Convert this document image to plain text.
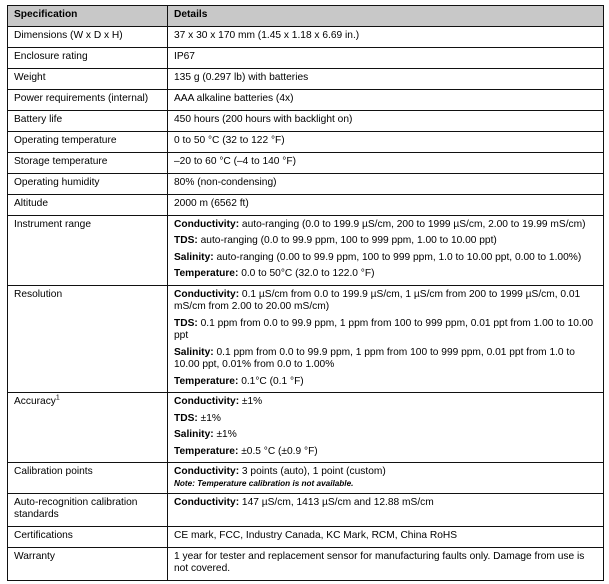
Specification	Details
Dimensions (W x D x H)	37 x 30 x 170 mm (1.45 x 1.18 x 6.69 in.)
Enclosure rating	IP67
Weight	135 g (0.297 lb) with batteries
Power requirements (internal)	AAA alkaline batteries (4x)
Battery life	450 hours (200 hours with backlight on)
Operating temperature	0 to 50 °C (32 to 122 °F)
Storage temperature	–20 to 60 °C (–4 to 140 °F)
Operating humidity	80% (non-condensing)
Altitude	2000 m (6562 ft)
Instrument range	Conductivity: auto-ranging (0.0 to 199.9 µS/cm, 200 to 1999 µS/cm, 2.00 to 19.99 mS/cm)

TDS: auto-ranging (0.0 to 99.9 ppm, 100 to 999 ppm, 1.00 to 10.00 ppt)

Salinity: auto-ranging (0.00 to 99.9 ppm, 100 to 999 ppm, 1.0 to 10.00 ppt, 0.00 to 1.00%)

Temperature: 0.0 to 50°C (32.0 to 122.0 °F)

Resolution	Conductivity: 0.1 µS/cm from 0.0 to 199.9 µS/cm, 1 µS/cm from 200 to 1999 µS/cm, 0.01 mS/cm from 2.00 to 20.00 mS/cm)

TDS: 0.1 ppm from 0.0 to 99.9 ppm, 1 ppm from 100 to 999 ppm, 0.01 ppt from 1.00 to 10.00 ppt

Salinity: 0.1 ppm from 0.0 to 99.9 ppm, 1 ppm from 100 to 999 ppm, 0.01 ppt from 1.0 to 10.00 ppt, 0.01% from 0.0 to 1.00%

Temperature: 0.1°C (0.1 °F)

Accuracy$^1$	Conductivity: ±1%

TDS: ±1%

Salinity: ±1%

Temperature: ±0.5 °C (±0.9 °F)

Calibration points	Conductivity: 3 points (auto), 1 point (custom)
Note: Temperature calibration is not available.

Auto-recognition calibration standards	Conductivity: 147 µS/cm, 1413 µS/cm and 12.88 mS/cm
Certifications	CE mark, FCC, Industry Canada, KC Mark, RCM, China RoHS
Warranty	1 year for tester and replacement sensor for manufacturing faults only. Damage from use is not covered.
